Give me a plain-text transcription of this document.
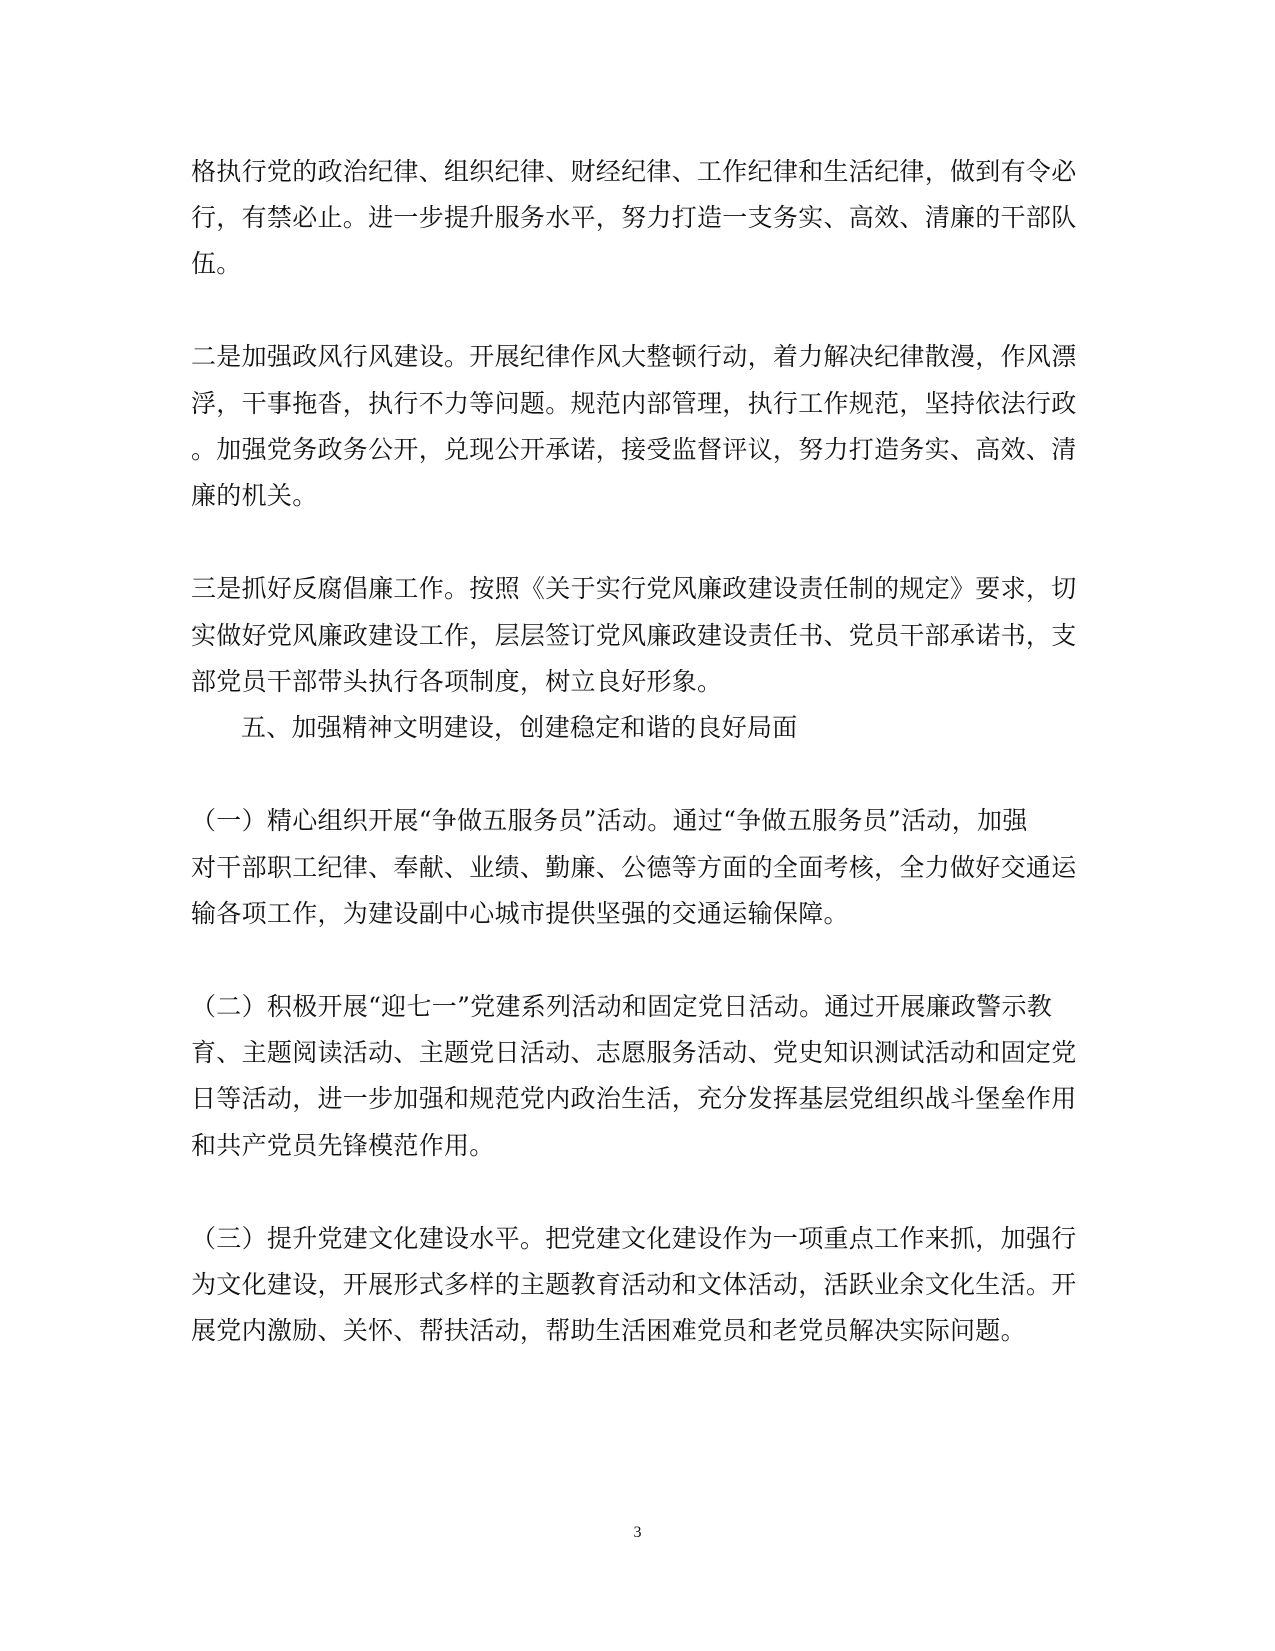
格执行党的政治纪律、组织纪律、财经纪律、工作纪律和生活纪律，做到有令必
行，有禁必止。进一步提升服务水平，努力打造一支务实、高效、清廉的干部队
伍。
二是加强政风行风建设。开展纪律作风大整顿行动，着力解决纪律散漫，作风漂
浮，干事拖沓，执行不力等问题。规范内部管理，执行工作规范，坚持依法行政
。加强党务政务公开，兑现公开承诺，接受监督评议，努力打造务实、高效、清
廉的机关。
三是抓好反腐倡廉工作。按照《关于实行党风廉政建设责任制的规定》要求，切
实做好党风廉政建设工作，层层签订党风廉政建设责任书、党员干部承诺书，支
部党员干部带头执行各项制度，树立良好形象。
五、加强精神文明建设，创建稳定和谐的良好局面
（一）精心组织开展“争做五服务员”活动。通过“争做五服务员”活动，加强
对干部职工纪律、奉献、业绩、勤廉、公德等方面的全面考核，全力做好交通运
输各项工作，为建设副中心城市提供坚强的交通运输保障。
（二）积极开展“迎七一”党建系列活动和固定党日活动。通过开展廉政警示教
育、主题阅读活动、主题党日活动、志愿服务活动、党史知识测试活动和固定党
日等活动，进一步加强和规范党内政治生活，充分发挥基层党组织战斗堡垒作用
和共产党员先锋模范作用。
（三）提升党建文化建设水平。把党建文化建设作为一项重点工作来抓，加强行
为文化建设，开展形式多样的主题教育活动和文体活动，活跃业余文化生活。开
展党内激励、关怀、帮扶活动，帮助生活困难党员和老党员解决实际问题。
3
